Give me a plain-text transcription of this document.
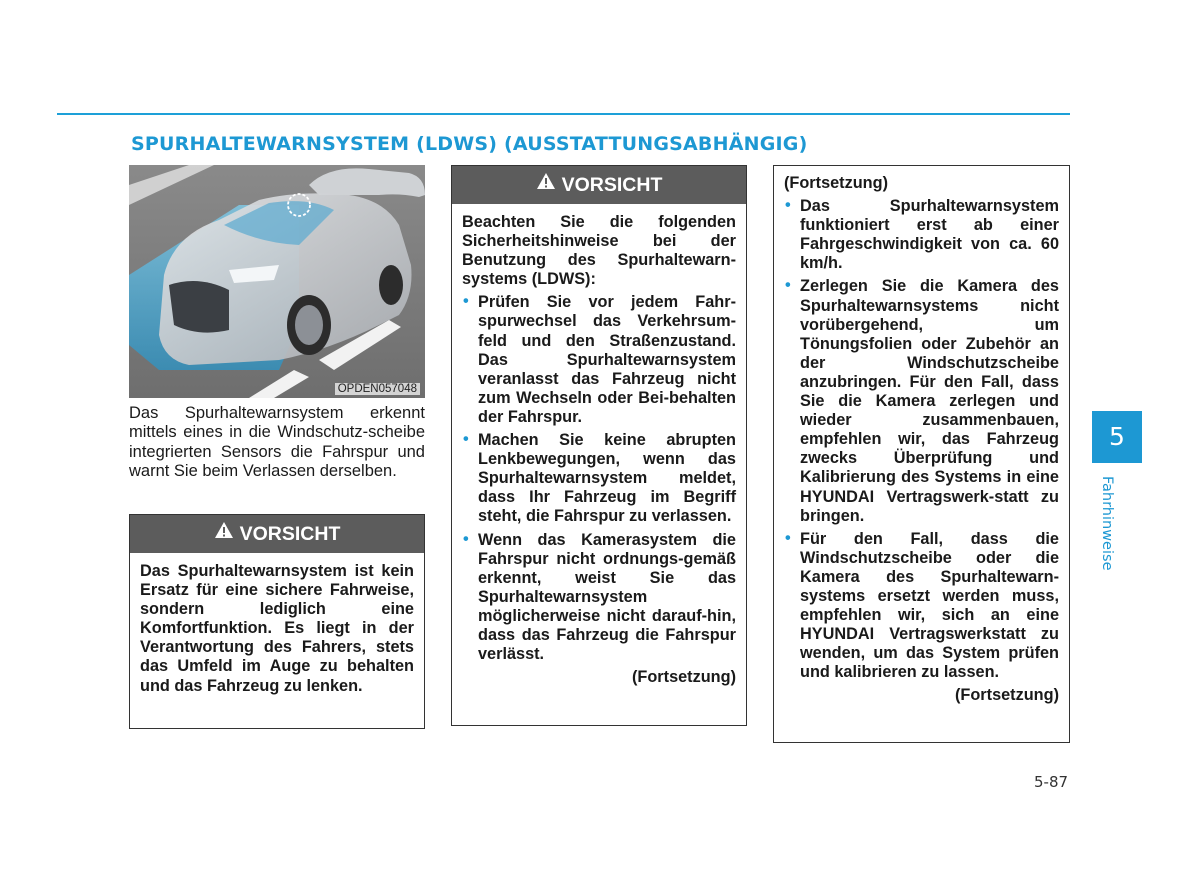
SPURHALTEWARNSYSTEM (LDWS) (AUSSTATTUNGSABHÄNGIG)
OPDEN057048
Das Spurhaltewarnsystem erkennt mittels eines in die Windschutz-scheibe integrierten Sensors die Fahrspur und warnt Sie beim Verlassen derselben.
VORSICHT
Das Spurhaltewarnsystem ist kein Ersatz für eine sichere Fahrweise, sondern lediglich eine Komfortfunktion. Es liegt in der Verantwortung des Fahrers, stets das Umfeld im Auge zu behalten und das Fahrzeug zu lenken.
VORSICHT
Beachten Sie die folgenden Sicherheitshinweise bei der Benutzung des Spurhaltewarn-systems (LDWS):
• Prüfen Sie vor jedem Fahr-spurwechsel das Verkehrsum-feld und den Straßenzustand. Das Spurhaltewarnsystem veranlasst das Fahrzeug nicht zum Wechseln oder Bei-behalten der Fahrspur.
• Machen Sie keine abrupten Lenkbewegungen, wenn das Spurhaltewarnsystem meldet, dass Ihr Fahrzeug im Begriff steht, die Fahrspur zu verlassen.
• Wenn das Kamerasystem die Fahrspur nicht ordnungs-gemäß erkennt, weist Sie das Spurhaltewarnsystem möglicherweise nicht darauf-hin, dass das Fahrzeug die Fahrspur verlässt.
(Fortsetzung)
(Fortsetzung)
• Das Spurhaltewarnsystem funktioniert erst ab einer Fahrgeschwindigkeit von ca. 60 km/h.
• Zerlegen Sie die Kamera des Spurhaltewarnsystems nicht vorübergehend, um Tönungsfolien oder Zubehör an der Windschutzscheibe anzubringen. Für den Fall, dass Sie die Kamera zerlegen und wieder zusammenbauen, empfehlen wir, das Fahrzeug zwecks Überprüfung und Kalibrierung des Systems in eine HYUNDAI Vertragswerk-statt zu bringen.
• Für den Fall, dass die Windschutzscheibe oder die Kamera des Spurhaltewarn-systems ersetzt werden muss, empfehlen wir, sich an eine HYUNDAI Vertragswerkstatt zu wenden, um das System prüfen und kalibrieren zu lassen.
(Fortsetzung)
5
Fahrhinweise
5-87
